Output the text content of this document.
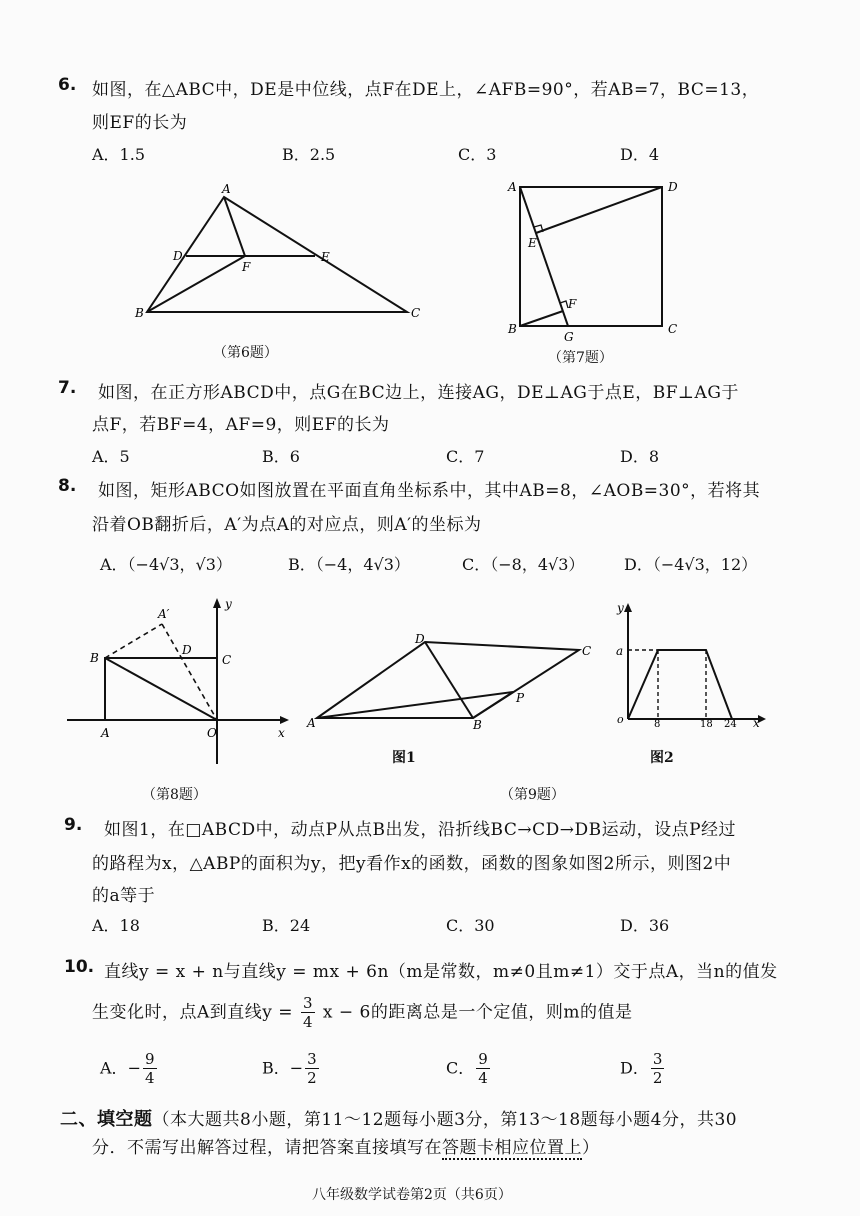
6. 如图，在△ABC中，DE是中位线，点F在DE上，∠AFB=90°，若AB=7，BC=13，
则EF的长为
A．1.5	B．2.5	C．3	D．4
A
D
F
E
B	C
（第6题）
A	D
E
F
B
G
C
（第7题）
7. 如图，在正方形ABCD中，点G在BC边上，连接AG，DE⊥AG于点E，BF⊥AG于
点F，若BF=4，AF=9，则EF的长为
A．5	B．6	C．7	D．8
8. 如图，矩形ABCO如图放置在平面直角坐标系中，其中AB=8，∠AOB=30°，若将其
沿着OB翻折后，A′为点A的对应点，则A′的坐标为
A．（−4√3，√3）	B．（−4，4√3）	C．（−8，4√3） D．（−4√3，12）
A′
B
D
C
A	O	x
y
（第8题）
A
D
C
B
P
图1
（第9题）
y
a
o	8	18 24 x
图2
9. 如图1，在□ABCD中，动点P从点B出发，沿折线BC→CD→DB运动，设点P经过
的路程为x，△ABP的面积为y，把y看作x的函数，函数的图象如图2所示，则图2中
的a等于
A．18	B．24	C．30	D．36
10. 直线y = x + n与直线y = mx + 6n（m是常数，m≠0且m≠1）交于点A，当n的值发
生变化时，点A到直线$y = \frac{3}{4}$ x − 6的距离总是一个定值，则m的值是
A．− $\frac{9}{4}$	B．− $\frac{3}{2}$	C． $\frac{9}{4}$	D． $\frac{3}{2}$
二、填空题（本大题共8小题，第11～12题每小题3分，第13～18题每小题4分，共30
分．不需写出解答过程，请把答案直接填写在答题卡相应位置上）
八年级数学试卷第2页（共6页）
